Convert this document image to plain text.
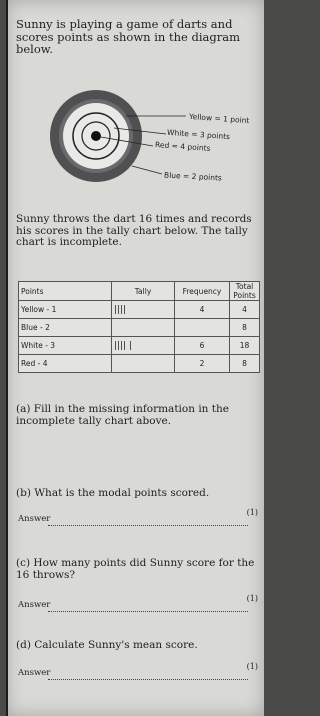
Sunny is playing a game of darts and scores points as shown in the diagram below.
Yellow = 1 point
White = 3 points
Red = 4 points
Blue = 2 points
Sunny throws the dart 16 times and records his scores in the tally chart below. The tally chart is incomplete.
Points	Tally	Frequency	Total Points
Yellow - 1	||||	4	4
Blue - 2			8
White - 3	|||| |	6	18
Red - 4		2	8
(a) Fill in the missing information in the incomplete tally chart above.
(b) What is the modal points scored.
Answer
(1)
(c) How many points did Sunny score for the 16 throws?
Answer
(1)
(d) Calculate Sunny's mean score.
Answer
(1)
